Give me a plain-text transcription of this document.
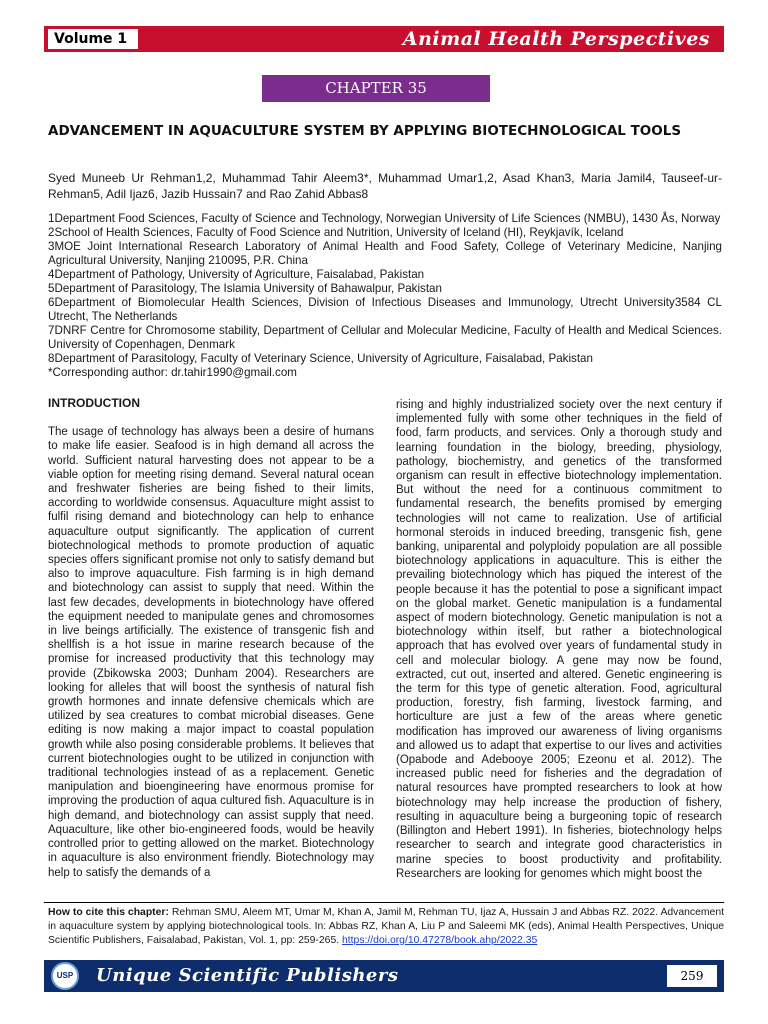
Volume 1	Animal Health Perspectives
CHAPTER 35
ADVANCEMENT IN AQUACULTURE SYSTEM BY APPLYING BIOTECHNOLOGICAL TOOLS
Syed Muneeb Ur Rehman1,2, Muhammad Tahir Aleem3*, Muhammad Umar1,2, Asad Khan3, Maria Jamil4, Tauseef-ur-Rehman5, Adil Ijaz6, Jazib Hussain7 and Rao Zahid Abbas8

1Department Food Sciences, Faculty of Science and Technology, Norwegian University of Life Sciences (NMBU), 1430 Ås, Norway

2School of Health Sciences, Faculty of Food Science and Nutrition, University of Iceland (HI), Reykjavík, Iceland

3MOE Joint International Research Laboratory of Animal Health and Food Safety, College of Veterinary Medicine, Nanjing Agricultural University, Nanjing 210095, P.R. China

4Department of Pathology, University of Agriculture, Faisalabad, Pakistan

5Department of Parasitology, The Islamia University of Bahawalpur, Pakistan

6Department of Biomolecular Health Sciences, Division of Infectious Diseases and Immunology, Utrecht University3584 CL Utrecht, The Netherlands

7DNRF Centre for Chromosome stability, Department of Cellular and Molecular Medicine, Faculty of Health and Medical Sciences. University of Copenhagen, Denmark

8Department of Parasitology, Faculty of Veterinary Science, University of Agriculture, Faisalabad, Pakistan

*Corresponding author: dr.tahir1990@gmail.com

INTRODUCTION

The usage of technology has always been a desire of humans to make life easier. Seafood is in high demand all across the world. Sufficient natural harvesting does not appear to be a viable option for meeting rising demand. Several natural ocean and freshwater fisheries are being fished to their limits, according to worldwide consensus. Aquaculture might assist to fulfil rising demand and biotechnology can help to enhance aquaculture output significantly. The application of current biotechnological methods to promote production of aquatic species offers significant promise not only to satisfy demand but also to improve aquaculture. Fish farming is in high demand and biotechnology can assist to supply that need. Within the last few decades, developments in biotechnology have offered the equipment needed to manipulate genes and chromosomes in live beings artificially. The existence of transgenic fish and shellfish is a hot issue in marine research because of the promise for increased productivity that this technology may provide (Zbikowska 2003; Dunham 2004). Researchers are looking for alleles that will boost the synthesis of natural fish growth hormones and innate defensive chemicals which are utilized by sea creatures to combat microbial diseases. Gene editing is now making a major impact to coastal population growth while also posing considerable problems. It believes that current biotechnologies ought to be utilized in conjunction with traditional technologies instead of as a replacement. Genetic manipulation and bioengineering have enormous promise for improving the production of aqua cultured fish. Aquaculture is in high demand, and biotechnology can assist supply that need. Aquaculture, like other bio-engineered foods, would be heavily controlled prior to getting allowed on the market. Biotechnology in aquaculture is also environment friendly. Biotechnology may help to satisfy the demands of a

rising and highly industrialized society over the next century if implemented fully with some other techniques in the field of food, farm products, and services. Only a thorough study and learning foundation in the biology, breeding, physiology, pathology, biochemistry, and genetics of the transformed organism can result in effective biotechnology implementation. But without the need for a continuous commitment to fundamental research, the benefits promised by emerging technologies will not came to realization. Use of artificial hormonal steroids in induced breeding, transgenic fish, gene banking, uniparental and polyploidy population are all possible biotechnology applications in aquaculture. This is either the prevailing biotechnology which has piqued the interest of the people because it has the potential to pose a significant impact on the global market. Genetic manipulation is a fundamental aspect of modern biotechnology. Genetic manipulation is not a biotechnology within itself, but rather a biotechnological approach that has evolved over years of fundamental study in cell and molecular biology. A gene may now be found, extracted, cut out, inserted and altered. Genetic engineering is the term for this type of genetic alteration. Food, agricultural production, forestry, fish farming, livestock farming, and horticulture are just a few of the areas where genetic modification has improved our awareness of living organisms and allowed us to adapt that expertise to our lives and activities (Opabode and Adebooye 2005; Ezeonu et al. 2012). The increased public need for fisheries and the degradation of natural resources have prompted researchers to look at how biotechnology may help increase the production of fishery, resulting in aquaculture being a burgeoning topic of research (Billington and Hebert 1991). In fisheries, biotechnology helps researcher to search and integrate good characteristics in marine species to boost productivity and profitability. Researchers are looking for genomes which might boost the

How to cite this chapter: Rehman SMU, Aleem MT, Umar M, Khan A, Jamil M, Rehman TU, Ijaz A, Hussain J and Abbas RZ. 2022. Advancement in aquaculture system by applying biotechnological tools. In: Abbas RZ, Khan A, Liu P and Saleemi MK (eds), Animal Health Perspectives, Unique Scientific Publishers, Faisalabad, Pakistan, Vol. 1, pp: 259-265. https://doi.org/10.47278/book.ahp/2022.35
USP Unique Scientific Publishers	259
